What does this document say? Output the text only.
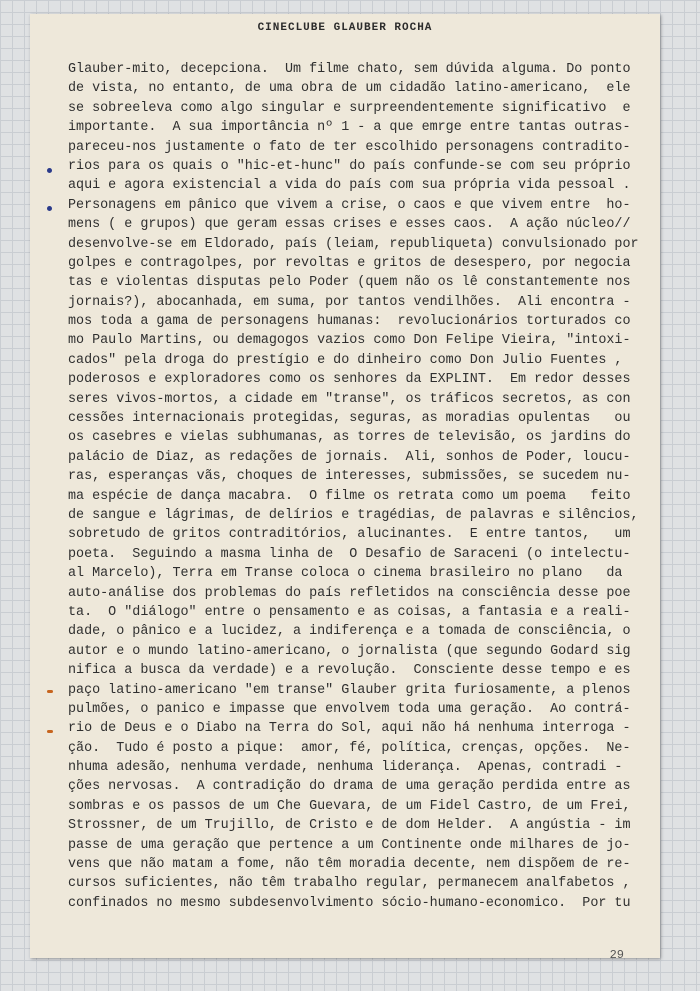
CINECLUBE GLAUBER ROCHA
Glauber-mito, decepciona.  Um filme chato, sem dúvida alguma. Do ponto
de vista, no entanto, de uma obra de um cidadão latino-americano,  ele
se sobreeleva como algo singular e surpreendentemente significativo  e
importante.  A sua importância nº 1 - a que emrge entre tantas outras-
pareceu-nos justamente o fato de ter escolhido personagens contradito-
rios para os quais o "hic-et-hunc" do país confunde-se com seu próprio
aqui e agora existencial a vida do país com sua própria vida pessoal .
Personagens em pânico que vivem a crise, o caos e que vivem entre  ho-
mens ( e grupos) que geram essas crises e esses caos.  A ação núcleo//
desenvolve-se em Eldorado, país (leiam, republiqueta) convulsionado por
golpes e contragolpes, por revoltas e gritos de desespero, por negocia
tas e violentas disputas pelo Poder (quem não os lê constantemente nos
jornais?), abocanhada, em suma, por tantos vendilhões.  Ali encontra -
mos toda a gama de personagens humanas:  revolucionários torturados co
mo Paulo Martins, ou demagogos vazios como Don Felipe Vieira, "intoxi-
cados" pela droga do prestígio e do dinheiro como Don Julio Fuentes ,
poderosos e exploradores como os senhores da EXPLINT.  Em redor desses
seres vivos-mortos, a cidade em "transe", os tráficos secretos, as con
cessões internacionais protegidas, seguras, as moradias opulentas   ou
os casebres e vielas subhumanas, as torres de televisão, os jardins do
palácio de Diaz, as redações de jornais.  Ali, sonhos de Poder, loucu-
ras, esperanças vãs, choques de interesses, submissões, se sucedem nu-
ma espécie de dança macabra.  O filme os retrata como um poema   feito
de sangue e lágrimas, de delírios e tragédias, de palavras e silêncios,
sobretudo de gritos contraditórios, alucinantes.  E entre tantos,   um
poeta.  Seguindo a masma linha de  O Desafio de Saraceni (o intelectu-
al Marcelo), Terra em Transe coloca o cinema brasileiro no plano   da
auto-análise dos problemas do país refletidos na consciência desse poe
ta.  O "diálogo" entre o pensamento e as coisas, a fantasia e a reali-
dade, o pânico e a lucidez, a indiferença e a tomada de consciência, o
autor e o mundo latino-americano, o jornalista (que segundo Godard sig
nifica a busca da verdade) e a revolução.  Consciente desse tempo e es
paço latino-americano "em transe" Glauber grita furiosamente, a plenos
pulmões, o panico e impasse que envolvem toda uma geração.  Ao contrá-
rio de Deus e o Diabo na Terra do Sol, aqui não há nenhuma interroga -
ção.  Tudo é posto a pique:  amor, fé, política, crenças, opções.  Ne-
nhuma adesão, nenhuma verdade, nenhuma liderança.  Apenas, contradi -
ções nervosas.  A contradição do drama de uma geração perdida entre as
sombras e os passos de um Che Guevara, de um Fidel Castro, de um Frei,
Strossner, de um Trujillo, de Cristo e de dom Helder.  A angústia - im
passe de uma geração que pertence a um Continente onde milhares de jo-
vens que não matam a fome, não têm moradia decente, nem dispõem de re-
cursos suficientes, não têm trabalho regular, permanecem analfabetos ,
confinados no mesmo subdesenvolvimento sócio-humano-economico.  Por tu
29
